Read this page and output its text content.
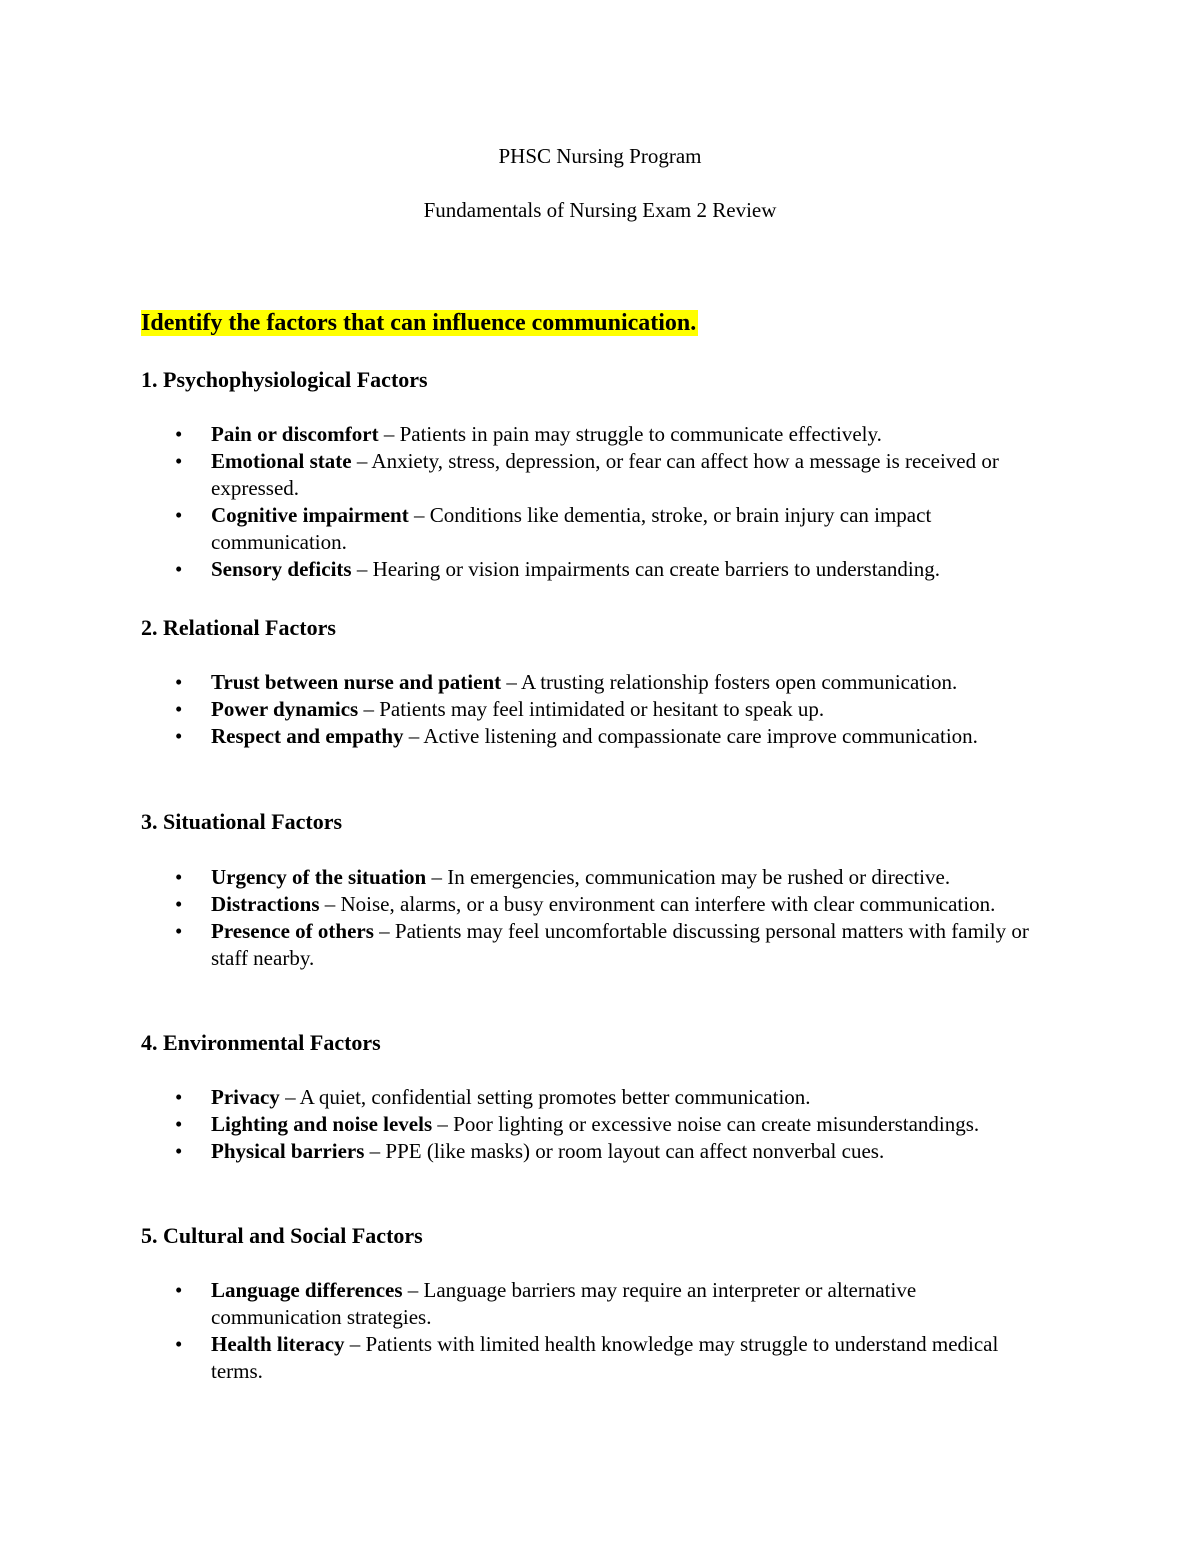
PHSC Nursing Program
Fundamentals of Nursing Exam 2 Review
Identify the factors that can influence communication.
1. Psychophysiological Factors
• Pain or discomfort – Patients in pain may struggle to communicate effectively.
• Emotional state – Anxiety, stress, depression, or fear can affect how a message is received or expressed.
• Cognitive impairment – Conditions like dementia, stroke, or brain injury can impact communication.
• Sensory deficits – Hearing or vision impairments can create barriers to understanding.
2. Relational Factors
• Trust between nurse and patient – A trusting relationship fosters open communication.
• Power dynamics – Patients may feel intimidated or hesitant to speak up.
• Respect and empathy – Active listening and compassionate care improve communication.
3. Situational Factors
• Urgency of the situation – In emergencies, communication may be rushed or directive.
• Distractions – Noise, alarms, or a busy environment can interfere with clear communication.
• Presence of others – Patients may feel uncomfortable discussing personal matters with family or staff nearby.
4. Environmental Factors
• Privacy – A quiet, confidential setting promotes better communication.
• Lighting and noise levels – Poor lighting or excessive noise can create misunderstandings.
• Physical barriers – PPE (like masks) or room layout can affect nonverbal cues.
5. Cultural and Social Factors
• Language differences – Language barriers may require an interpreter or alternative communication strategies.
• Health literacy – Patients with limited health knowledge may struggle to understand medical terms.
